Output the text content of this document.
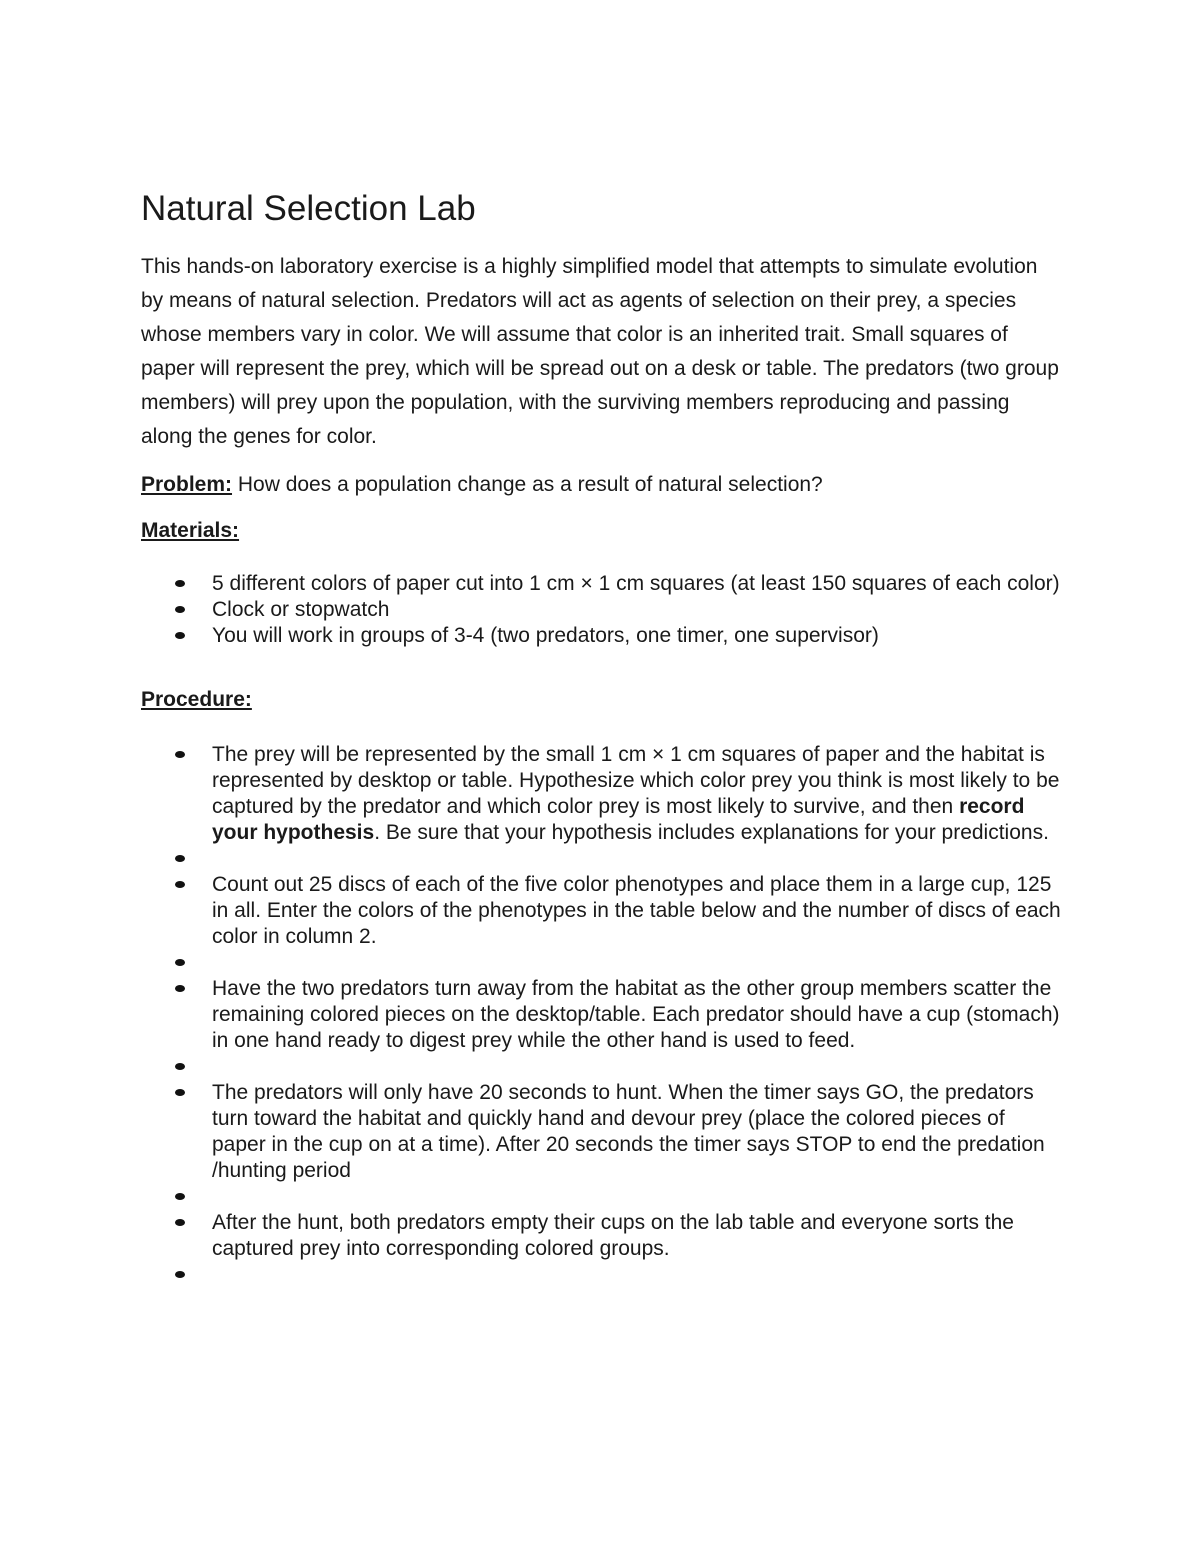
Natural Selection Lab

This hands-on laboratory exercise is a highly simplified model that attempts to simulate evolution by means of natural selection. Predators will act as agents of selection on their prey, a species whose members vary in color. We will assume that color is an inherited trait. Small squares of paper will represent the prey, which will be spread out on a desk or table. The predators (two group members) will prey upon the population, with the surviving members reproducing and passing along the genes for color.

Problem: How does a population change as a result of natural selection?

Materials:

5 different colors of paper cut into 1 cm × 1 cm squares (at least 150 squares of each color)
Clock or stopwatch
You will work in groups of 3-4 (two predators, one timer, one supervisor)

Procedure:

The prey will be represented by the small 1 cm × 1 cm squares of paper and the habitat is represented by desktop or table. Hypothesize which color prey you think is most likely to be captured by the predator and which color prey is most likely to survive, and then record your hypothesis. Be sure that your hypothesis includes explanations for your predictions.
Count out 25 discs of each of the five color phenotypes and place them in a large cup, 125 in all. Enter the colors of the phenotypes in the table below and the number of discs of each color in column 2.
Have the two predators turn away from the habitat as the other group members scatter the remaining colored pieces on the desktop/table. Each predator should have a cup (stomach) in one hand ready to digest prey while the other hand is used to feed.
The predators will only have 20 seconds to hunt. When the timer says GO, the predators turn toward the habitat and quickly hand and devour prey (place the colored pieces of paper in the cup on at a time). After 20 seconds the timer says STOP to end the predation /hunting period
After the hunt, both predators empty their cups on the lab table and everyone sorts the captured prey into corresponding colored groups.
